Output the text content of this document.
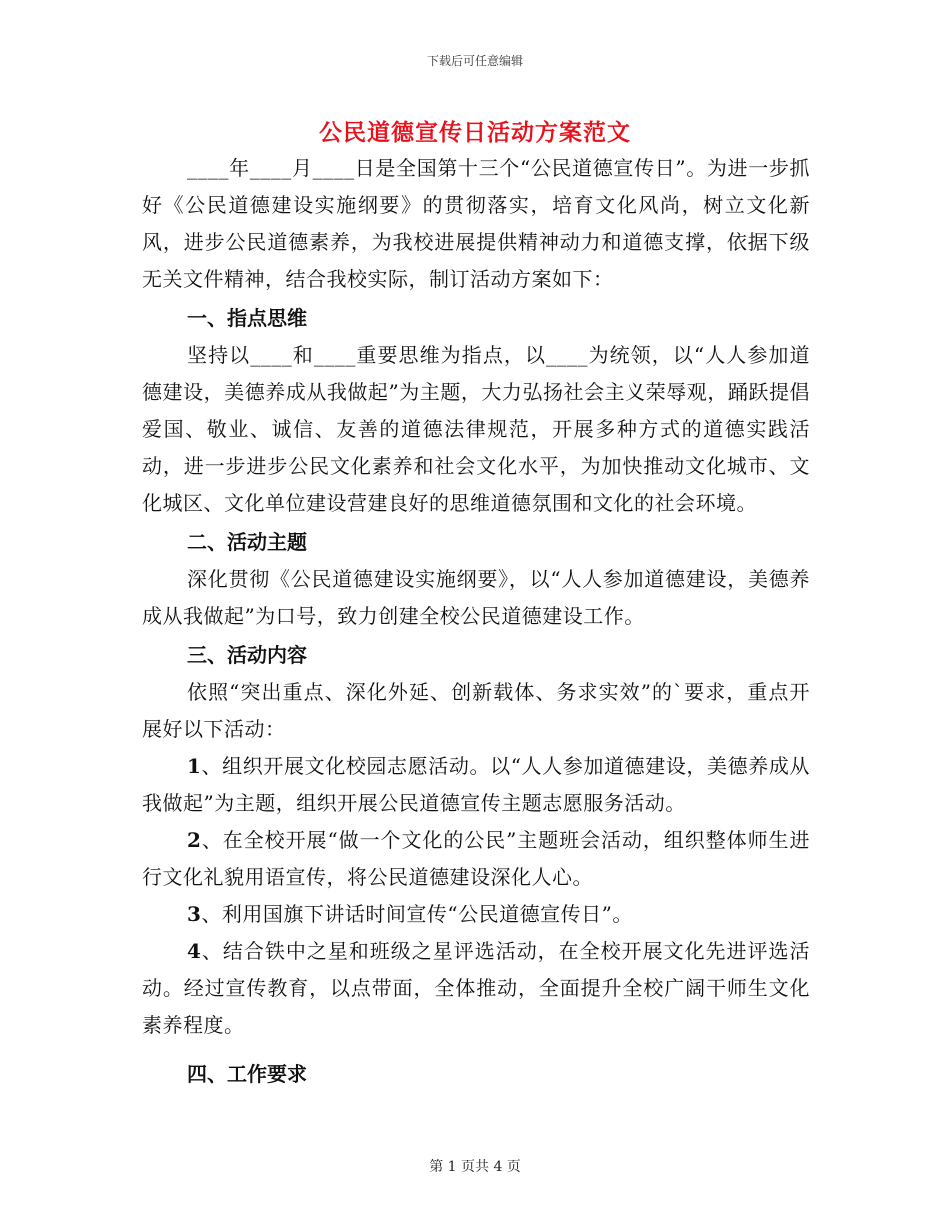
下载后可任意编辑
公民道德宣传日活动方案范文

____年____月____日是全国第十三个“公民道德宣传日”。为进一步抓好《公民道德建设实施纲要》的贯彻落实，培育文化风尚，树立文化新风，进步公民道德素养，为我校进展提供精神动力和道德支撑，依据下级无关文件精神，结合我校实际，制订活动方案如下：

一、指点思维

坚持以____和____重要思维为指点，以____为统领，以“人人参加道德建设，美德养成从我做起”为主题，大力弘扬社会主义荣辱观，踊跃提倡爱国、敬业、诚信、友善的道德法律规范，开展多种方式的道德实践活动，进一步进步公民文化素养和社会文化水平，为加快推动文化城市、文化城区、文化单位建设营建良好的思维道德氛围和文化的社会环境。

二、活动主题

深化贯彻《公民道德建设实施纲要》，以“人人参加道德建设，美德养成从我做起”为口号，致力创建全校公民道德建设工作。

三、活动内容

依照“突出重点、深化外延、创新载体、务求实效”的`要求，重点开展好以下活动：

1、组织开展文化校园志愿活动。以“人人参加道德建设，美德养成从我做起”为主题，组织开展公民道德宣传主题志愿服务活动。

2、在全校开展“做一个文化的公民”主题班会活动，组织整体师生进行文化礼貌用语宣传，将公民道德建设深化人心。

3、利用国旗下讲话时间宣传“公民道德宣传日”。

4、结合铁中之星和班级之星评选活动，在全校开展文化先进评选活动。经过宣传教育，以点带面，全体推动，全面提升全校广阔干师生文化素养程度。

四、工作要求

第 1 页共 4 页
